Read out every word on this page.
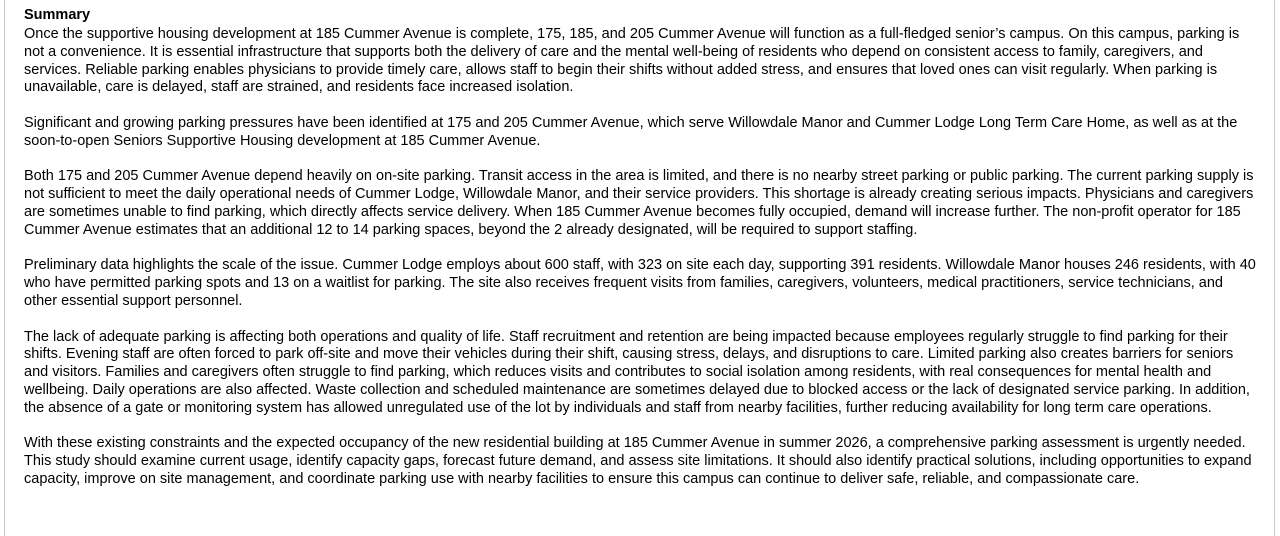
Summary

Once the supportive housing development at 185 Cummer Avenue is complete, 175, 185, and 205 Cummer Avenue will function as a full-fledged senior’s campus. On this campus, parking is not a convenience. It is essential infrastructure that supports both the delivery of care and the mental well-being of residents who depend on consistent access to family, caregivers, and services. Reliable parking enables physicians to provide timely care, allows staff to begin their shifts without added stress, and ensures that loved ones can visit regularly. When parking is unavailable, care is delayed, staff are strained, and residents face increased isolation.

Significant and growing parking pressures have been identified at 175 and 205 Cummer Avenue, which serve Willowdale Manor and Cummer Lodge Long Term Care Home, as well as at the soon-to-open Seniors Supportive Housing development at 185 Cummer Avenue.

Both 175 and 205 Cummer Avenue depend heavily on on-site parking. Transit access in the area is limited, and there is no nearby street parking or public parking. The current parking supply is not sufficient to meet the daily operational needs of Cummer Lodge, Willowdale Manor, and their service providers. This shortage is already creating serious impacts. Physicians and caregivers are sometimes unable to find parking, which directly affects service delivery. When 185 Cummer Avenue becomes fully occupied, demand will increase further. The non-profit operator for 185 Cummer Avenue estimates that an additional 12 to 14 parking spaces, beyond the 2 already designated, will be required to support staffing.

Preliminary data highlights the scale of the issue. Cummer Lodge employs about 600 staff, with 323 on site each day, supporting 391 residents. Willowdale Manor houses 246 residents, with 40 who have permitted parking spots and 13 on a waitlist for parking. The site also receives frequent visits from families, caregivers, volunteers, medical practitioners, service technicians, and other essential support personnel.

The lack of adequate parking is affecting both operations and quality of life. Staff recruitment and retention are being impacted because employees regularly struggle to find parking for their shifts. Evening staff are often forced to park off-site and move their vehicles during their shift, causing stress, delays, and disruptions to care. Limited parking also creates barriers for seniors and visitors. Families and caregivers often struggle to find parking, which reduces visits and contributes to social isolation among residents, with real consequences for mental health and wellbeing. Daily operations are also affected. Waste collection and scheduled maintenance are sometimes delayed due to blocked access or the lack of designated service parking. In addition, the absence of a gate or monitoring system has allowed unregulated use of the lot by individuals and staff from nearby facilities, further reducing availability for long term care operations.

With these existing constraints and the expected occupancy of the new residential building at 185 Cummer Avenue in summer 2026, a comprehensive parking assessment is urgently needed. This study should examine current usage, identify capacity gaps, forecast future demand, and assess site limitations. It should also identify practical solutions, including opportunities to expand capacity, improve on site management, and coordinate parking use with nearby facilities to ensure this campus can continue to deliver safe, reliable, and compassionate care.
